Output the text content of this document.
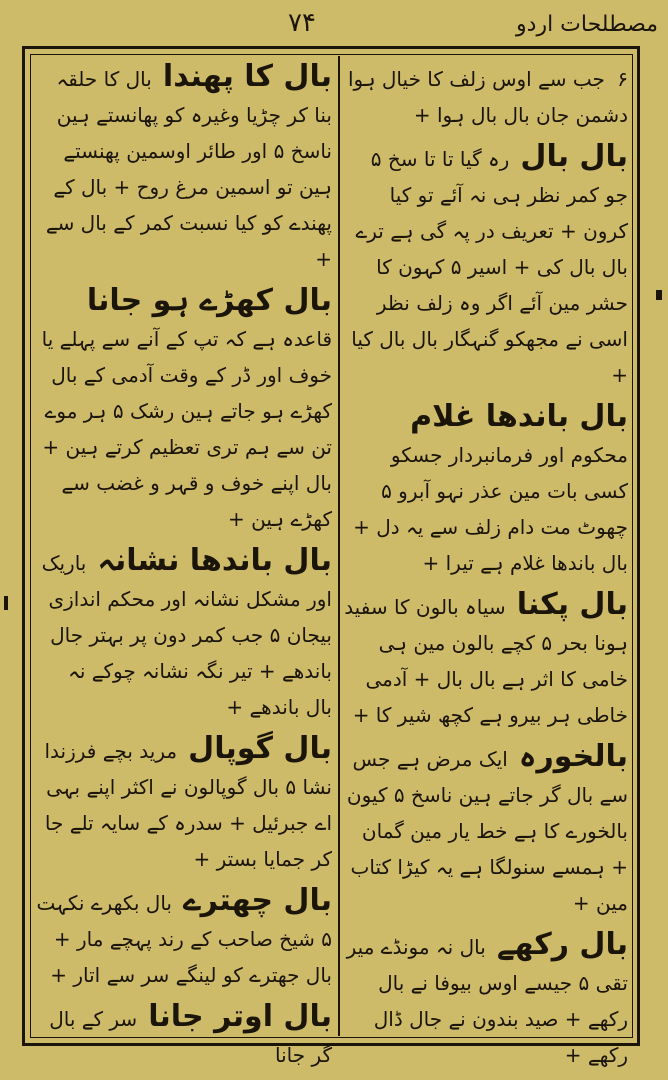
۷۴	مصطلحات اردو
۶ جب سے اوس زلف کا خیال ہوا دشمن جان بال بال ہوا +
بال بال رہ گیا تا تا سخ ۵ جو کمر نظر ہی نہ آئے تو کیا کرون + تعریف در پہ گی ہے ترے بال بال کی + اسیر ۵ کہون کا حشر مین آئے اگر وہ زلف نظر اسی نے مجھکو گنہگار بال بال کیا +
بال باندھا غلام محکوم اور فرمانبردار جسکو کسی بات مین عذر نہو آبرو ۵ چھوٹ مت دام زلف سے یہ دل + بال باندھا غلام ہے تیرا +
بال پکنا سیاہ بالون کا سفید ہونا بحر ۵ کچے بالون مین ہی خامی کا اثر ہے بال بال + آدمی خاطی ہر بیرو ہے کچھ شیر کا +
بالخورہ ایک مرض ہے جس سے بال گر جاتے ہین ناسخ ۵ کیون بالخورے کا ہے خط یار مین گمان + ہمسے سنولگا ہے یہ کیڑا کتاب مین +
بال رکھے بال نہ مونڈے میر تقی ۵ جیسے اوس بیوفا نے بال رکھے + صید بندون نے جال ڈال رکھے +
بال کا پھندا بال کا حلقہ بنا کر چڑیا وغیرہ کو پھانستے ہین ناسخ ۵ اور طائر اوسمین پھنستے ہین تو اسمین مرغ روح + بال کے پھندے کو کیا نسبت کمر کے بال سے +
بال کھڑے ہو جانا قاعدہ ہے کہ تپ کے آنے سے پہلے یا خوف اور ڈر کے وقت آدمی کے بال کھڑے ہو جاتے ہین رشک ۵ ہر موے تن سے ہم تری تعظیم کرتے ہین + بال اپنے خوف و قہر و غضب سے کھڑے ہین +
بال باندھا نشانہ باریک اور مشکل نشانہ اور محکم اندازی بیجان ۵ جب کمر دون پر بہتر جال باندھے + تیر نگہ نشانہ چوکے نہ بال باندھے +
بال گوپال مرید بچے فرزندا نشا ۵ بال گوپالون نے اکثر اپنے بہی اے جبرئیل + سدرہ کے سایہ تلے جا کر جمایا بستر +
بال چھترے بال بکھرے نکہت ۵ شیخ صاحب کے رند پہچے مار + بال جھترے کو لینگے سر سے اتار +
بال اوتر جانا سر کے بال گر جانا
